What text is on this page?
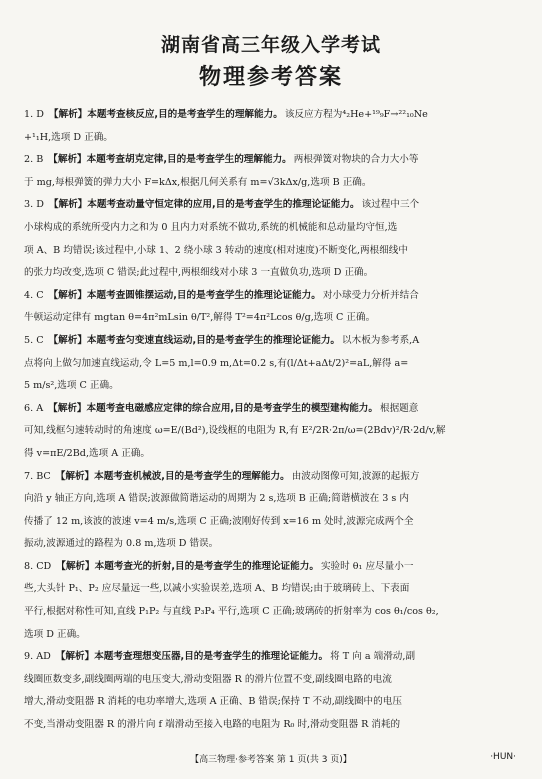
湖南省高三年级入学考试
物理参考答案
1. D 【解析】本题考查核反应,目的是考查学生的理解能力。 该反应方程为⁴₂He+¹⁹₉F→²²₁₀Ne
+¹₁H,选项 D 正确。
2. B 【解析】本题考查胡克定律,目的是考查学生的理解能力。 两根弹簧对物块的合力大小等
于 mg,每根弹簧的弹力大小 F=kΔx,根据几何关系有 m=√3kΔx/g,选项 B 正确。
3. D 【解析】本题考查动量守恒定律的应用,目的是考查学生的推理论证能力。 该过程中三个
小球构成的系统所受内力之和为 0 且内力对系统不做功,系统的机械能和总动量均守恒,选
项 A、B 均错误;该过程中,小球 1、2 绕小球 3 转动的速度(相对速度)不断变化,两根细线中
的张力均改变,选项 C 错误;此过程中,两根细线对小球 3 一直做负功,选项 D 正确。
4. C 【解析】本题考查圆锥摆运动,目的是考查学生的推理论证能力。 对小球受力分析并结合
牛顿运动定律有 mgtan θ=4π²mLsin θ/T²,解得 T²=4π²Lcos θ/g,选项 C 正确。
5. C 【解析】本题考查匀变速直线运动,目的是考查学生的推理论证能力。 以木板为参考系,A
点将向上做匀加速直线运动,令 L=5 m,l=0.9 m,Δt=0.2 s,有(l/Δt+aΔt/2)²=aL,解得 a=
5 m/s²,选项 C 正确。
6. A 【解析】本题考查电磁感应定律的综合应用,目的是考查学生的模型建构能力。 根据题意
可知,线框匀速转动时的角速度 ω=E/(Bd²),设线框的电阻为 R,有 E²/2R·2π/ω=(2Bdv)²/R·2d/v,解
得 v=πE/2Bd,选项 A 正确。
7. BC 【解析】本题考查机械波,目的是考查学生的理解能力。 由波动图像可知,波源的起振方
向沿 y 轴正方向,选项 A 错误;波源做简谐运动的周期为 2 s,选项 B 正确;简谐横波在 3 s 内
传播了 12 m,该波的波速 v=4 m/s,选项 C 正确;波刚好传到 x=16 m 处时,波源完成两个全
振动,波源通过的路程为 0.8 m,选项 D 错误。
8. CD 【解析】本题考查光的折射,目的是考查学生的推理论证能力。 实验时 θ₁ 应尽量小一
些,大头针 P₁、P₂ 应尽量远一些,以减小实验误差,选项 A、B 均错误;由于玻璃砖上、下表面
平行,根据对称性可知,直线 P₁P₂ 与直线 P₃P₄ 平行,选项 C 正确;玻璃砖的折射率为 cos θ₁/cos θ₂,
选项 D 正确。
9. AD 【解析】本题考查理想变压器,目的是考查学生的推理论证能力。 将 T 向 a 端滑动,副
线圈匝数变多,副线圈两端的电压变大,滑动变阻器 R 的滑片位置不变,副线圈电路的电流
增大,滑动变阻器 R 消耗的电功率增大,选项 A 正确、B 错误;保持 T 不动,副线圈中的电压
不变,当滑动变阻器 R 的滑片向 f 端滑动至接入电路的电阻为 R₀ 时,滑动变阻器 R 消耗的
【高三物理·参考答案 第 1 页(共 3 页)】	·HUN·
